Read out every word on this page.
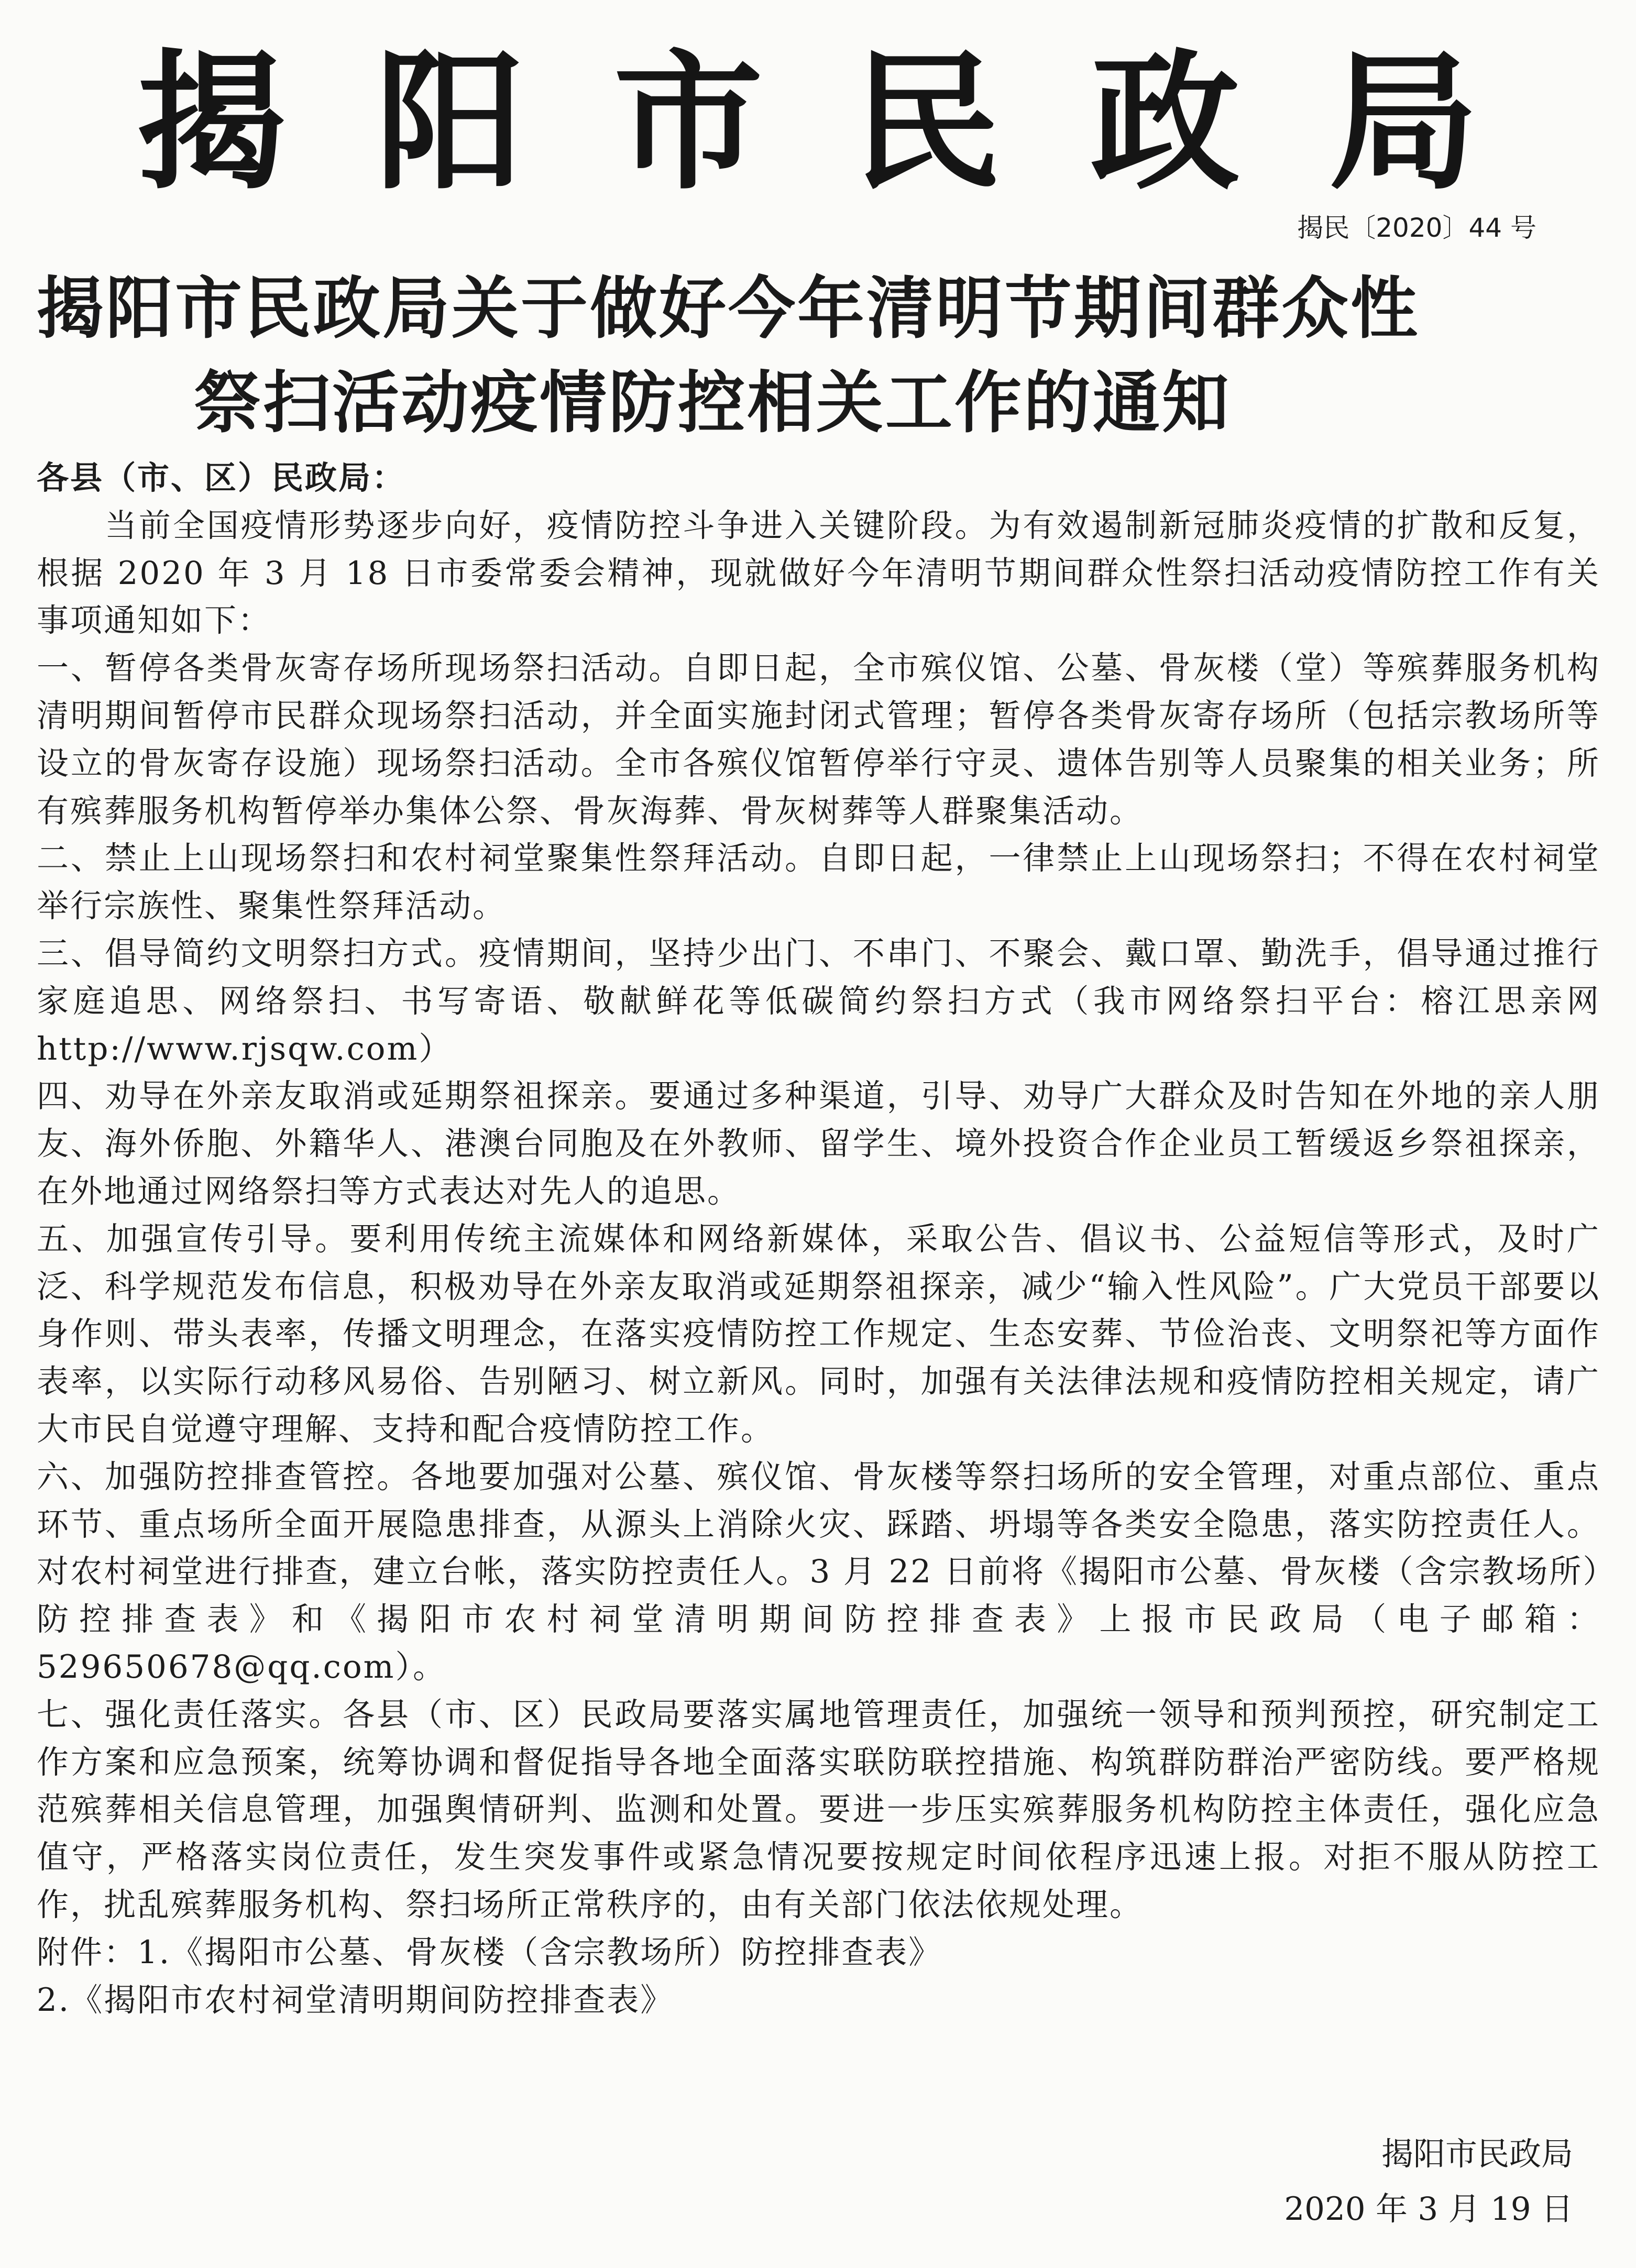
揭阳市民政局
揭民〔2020〕44 号
揭阳市民政局关于做好今年清明节期间群众性
祭扫活动疫情防控相关工作的通知

各县（市、区）民政局：

当前全国疫情形势逐步向好，疫情防控斗争进入关键阶段。为有效遏制新冠肺炎疫情的扩散和反复，根据 2020 年 3 月 18 日市委常委会精神，现就做好今年清明节期间群众性祭扫活动疫情防控工作有关事项通知如下：

一、暂停各类骨灰寄存场所现场祭扫活动。自即日起，全市殡仪馆、公墓、骨灰楼（堂）等殡葬服务机构清明期间暂停市民群众现场祭扫活动，并全面实施封闭式管理；暂停各类骨灰寄存场所（包括宗教场所等设立的骨灰寄存设施）现场祭扫活动。全市各殡仪馆暂停举行守灵、遗体告别等人员聚集的相关业务；所有殡葬服务机构暂停举办集体公祭、骨灰海葬、骨灰树葬等人群聚集活动。

二、禁止上山现场祭扫和农村祠堂聚集性祭拜活动。自即日起，一律禁止上山现场祭扫；不得在农村祠堂举行宗族性、聚集性祭拜活动。

三、倡导简约文明祭扫方式。疫情期间，坚持少出门、不串门、不聚会、戴口罩、勤洗手，倡导通过推行家庭追思、网络祭扫、书写寄语、敬献鲜花等低碳简约祭扫方式（我市网络祭扫平台：榕江思亲网 http://www.rjsqw.com）

四、劝导在外亲友取消或延期祭祖探亲。要通过多种渠道，引导、劝导广大群众及时告知在外地的亲人朋友、海外侨胞、外籍华人、港澳台同胞及在外教师、留学生、境外投资合作企业员工暂缓返乡祭祖探亲，在外地通过网络祭扫等方式表达对先人的追思。

五、加强宣传引导。要利用传统主流媒体和网络新媒体，采取公告、倡议书、公益短信等形式，及时广泛、科学规范发布信息，积极劝导在外亲友取消或延期祭祖探亲，减少“输入性风险”。广大党员干部要以身作则、带头表率，传播文明理念，在落实疫情防控工作规定、生态安葬、节俭治丧、文明祭祀等方面作表率，以实际行动移风易俗、告别陋习、树立新风。同时，加强有关法律法规和疫情防控相关规定，请广大市民自觉遵守理解、支持和配合疫情防控工作。

六、加强防控排查管控。各地要加强对公墓、殡仪馆、骨灰楼等祭扫场所的安全管理，对重点部位、重点环节、重点场所全面开展隐患排查，从源头上消除火灾、踩踏、坍塌等各类安全隐患，落实防控责任人。对农村祠堂进行排查，建立台帐，落实防控责任人。3 月 22 日前将《揭阳市公墓、骨灰楼（含宗教场所）防控排查表》和《揭阳市农村祠堂清明期间防控排查表》上报市民政局（电子邮箱：529650678@qq.com）。

七、强化责任落实。各县（市、区）民政局要落实属地管理责任，加强统一领导和预判预控，研究制定工作方案和应急预案，统筹协调和督促指导各地全面落实联防联控措施、构筑群防群治严密防线。要严格规范殡葬相关信息管理，加强舆情研判、监测和处置。要进一步压实殡葬服务机构防控主体责任，强化应急值守，严格落实岗位责任，发生突发事件或紧急情况要按规定时间依程序迅速上报。对拒不服从防控工作，扰乱殡葬服务机构、祭扫场所正常秩序的，由有关部门依法依规处理。

附件：1.《揭阳市公墓、骨灰楼（含宗教场所）防控排查表》

2.《揭阳市农村祠堂清明期间防控排查表》

揭阳市民政局
2020 年 3 月 19 日
